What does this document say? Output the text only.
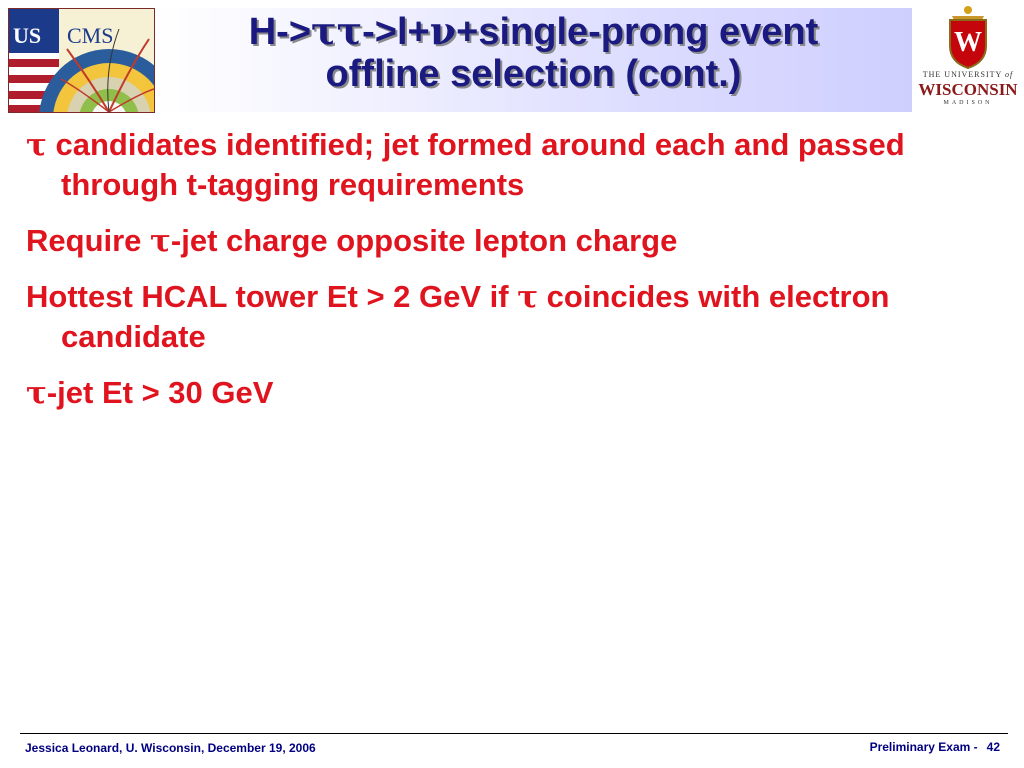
US CMS	H->ττ->l+ν+single-prong event
offline selection (cont.)
W
THE UNIVERSITY of
WISCONSIN
MADISON
τ candidates identified; jet formed around each and passed through t-tagging requirements
Require τ-jet charge opposite lepton charge
Hottest HCAL tower Et > 2 GeV if τ coincides with electron candidate
τ-jet Et > 30 GeV
Jessica Leonard, U. Wisconsin, December 19, 2006	Preliminary Exam - 42
